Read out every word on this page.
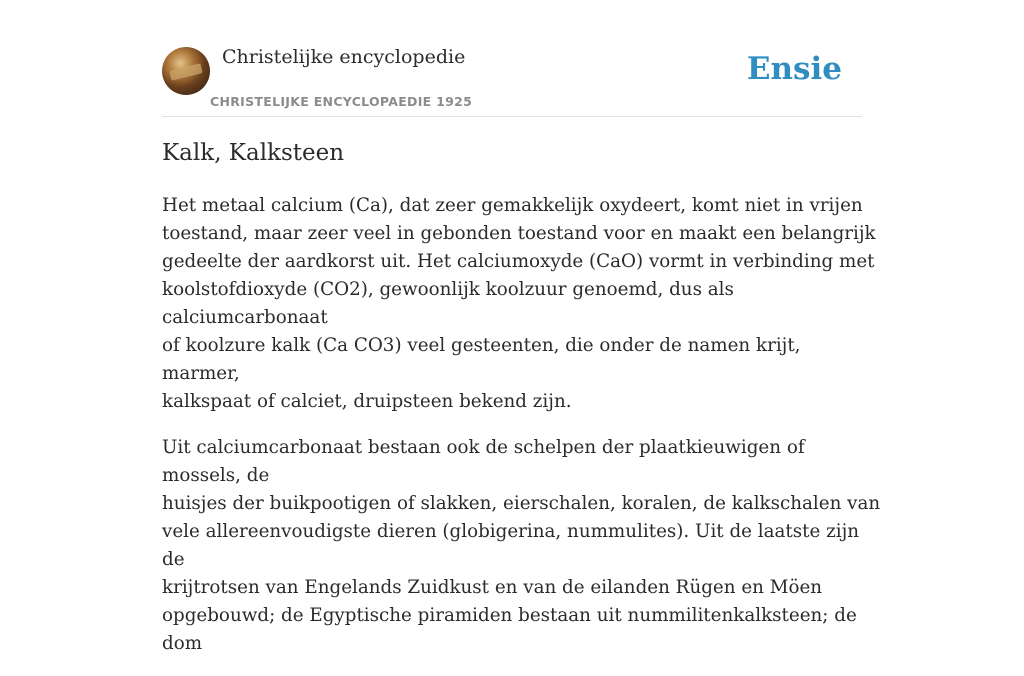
Christelijke encyclopedie
CHRISTELIJKE ENCYCLOPAEDIE 1925
Ensie
Kalk, Kalksteen

Het metaal calcium (Ca), dat zeer gemakkelijk oxydeert, komt niet in vrijen
toestand, maar zeer veel in gebonden toestand voor en maakt een belangrijk
gedeelte der aardkorst uit. Het calciumoxyde (CaO) vormt in verbinding met
koolstofdioxyde (CO2), gewoonlijk koolzuur genoemd, dus als calciumcarbonaat
of koolzure kalk (Ca CO3) veel gesteenten, die onder de namen krijt, marmer,
kalkspaat of calciet, druipsteen bekend zijn.

Uit calciumcarbonaat bestaan ook de schelpen der plaatkieuwigen of mossels, de
huisjes der buikpootigen of slakken, eierschalen, koralen, de kalkschalen van
vele allereenvoudigste dieren (globigerina, nummulites). Uit de laatste zijn de
krijtrotsen van Engelands Zuidkust en van de eilanden Rügen en Möen
opgebouwd; de Egyptische piramiden bestaan uit nummilitenkalksteen; de dom
